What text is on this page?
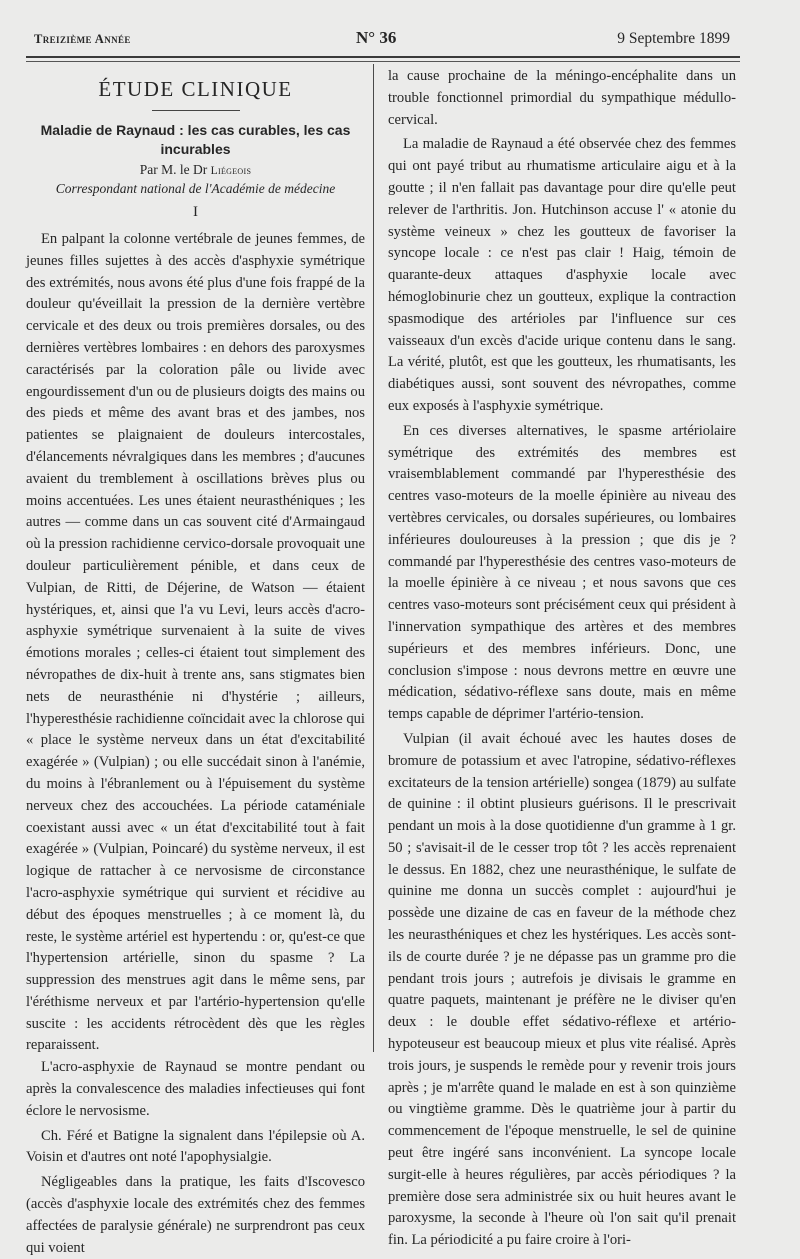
Treizième Année	N° 36	9 Septembre 1899
ÉTUDE CLINIQUE
Maladie de Raynaud : les cas curables, les cas incurables
Par M. le Dr Liégeois
Correspondant national de l'Académie de médecine
I

En palpant la colonne vertébrale de jeunes femmes, de jeunes filles sujettes à des accès d'asphyxie symétrique des extrémités, nous avons été plus d'une fois frappé de la douleur qu'éveillait la pression de la dernière vertèbre cervicale et des deux ou trois premières dorsales, ou des dernières vertèbres lombaires : en dehors des paroxysmes caractérisés par la coloration pâle ou livide avec engourdissement d'un ou de plusieurs doigts des mains ou des pieds et même des avant bras et des jambes, nos patientes se plaignaient de douleurs intercostales, d'élancements névralgiques dans les membres ; d'aucunes avaient du tremblement à oscillations brèves plus ou moins accentuées. Les unes étaient neurasthéniques ; les autres — comme dans un cas souvent cité d'Armaingaud où la pression rachidienne cervico-dorsale provoquait une douleur particulièrement pénible, et dans ceux de Vulpian, de Ritti, de Déjerine, de Watson — étaient hystériques, et, ainsi que l'a vu Levi, leurs accès d'acro-asphyxie symétrique survenaient à la suite de vives émotions morales ; celles-ci étaient tout simplement des névropathes de dix-huit à trente ans, sans stigmates bien nets de neurasthénie ni d'hystérie ; ailleurs, l'hyperesthésie rachidienne coïncidait avec la chlorose qui « place le système nerveux dans un état d'excitabilité exagérée » (Vulpian) ; ou elle succédait sinon à l'anémie, du moins à l'ébranlement ou à l'épuisement du système nerveux chez des accouchées. La période cataméniale coexistant aussi avec « un état d'excitabilité tout à fait exagérée » (Vulpian, Poincaré) du système nerveux, il est logique de rattacher à ce nervosisme de circonstance l'acro-asphyxie symétrique qui survient et récidive au début des époques menstruelles ; à ce moment là, du reste, le système artériel est hypertendu : or, qu'est-ce que l'hypertension artérielle, sinon du spasme ? La suppression des menstrues agit dans le même sens, par l'éréthisme nerveux et par l'artério-hypertension qu'elle suscite : les accidents rétrocèdent dès que les règles reparaissent.

L'acro-asphyxie de Raynaud se montre pendant ou après la convalescence des maladies infectieuses qui font éclore le nervosisme.

Ch. Féré et Batigne la signalent dans l'épilepsie où A. Voisin et d'autres ont noté l'apophysialgie.

Négligeables dans la pratique, les faits d'Iscovesco (accès d'asphyxie locale des extrémités chez des femmes affectées de paralysie générale) ne surprendront pas ceux qui voient

la cause prochaine de la méningo-encéphalite dans un trouble fonctionnel primordial du sympathique médullo-cervical.

La maladie de Raynaud a été observée chez des femmes qui ont payé tribut au rhumatisme articulaire aigu et à la goutte ; il n'en fallait pas davantage pour dire qu'elle peut relever de l'arthritis. Jon. Hutchinson accuse l' « atonie du système veineux » chez les goutteux de favoriser la syncope locale : ce n'est pas clair ! Haig, témoin de quarante-deux attaques d'asphyxie locale avec hémoglobinurie chez un goutteux, explique la contraction spasmodique des artérioles par l'influence sur ces vaisseaux d'un excès d'acide urique contenu dans le sang. La vérité, plutôt, est que les goutteux, les rhumatisants, les diabétiques aussi, sont souvent des névropathes, comme eux exposés à l'asphyxie symétrique.

En ces diverses alternatives, le spasme artériolaire symétrique des extrémités des membres est vraisemblablement commandé par l'hyperesthésie des centres vaso-moteurs de la moelle épinière au niveau des vertèbres cervicales, ou dorsales supérieures, ou lombaires inférieures douloureuses à la pression ; que dis je ? commandé par l'hyperesthésie des centres vaso-moteurs de la moelle épinière à ce niveau ; et nous savons que ces centres vaso-moteurs sont précisément ceux qui président à l'innervation sympathique des artères et des membres supérieurs et des membres inférieurs. Donc, une conclusion s'impose : nous devrons mettre en œuvre une médication, sédativo-réflexe sans doute, mais en même temps capable de déprimer l'artério-tension.

Vulpian (il avait échoué avec les hautes doses de bromure de potassium et avec l'atropine, sédativo-réflexes excitateurs de la tension artérielle) songea (1879) au sulfate de quinine : il obtint plusieurs guérisons. Il le prescrivait pendant un mois à la dose quotidienne d'un gramme à 1 gr. 50 ; s'avisait-il de le cesser trop tôt ? les accès reprenaient le dessus. En 1882, chez une neurasthénique, le sulfate de quinine me donna un succès complet : aujourd'hui je possède une dizaine de cas en faveur de la méthode chez les neurasthéniques et chez les hystériques. Les accès sont-ils de courte durée ? je ne dépasse pas un gramme pro die pendant trois jours ; autrefois je divisais le gramme en quatre paquets, maintenant je préfère ne le diviser qu'en deux : le double effet sédativo-réflexe et artério-hypoteuseur est beaucoup mieux et plus vite réalisé. Après trois jours, je suspends le remède pour y revenir trois jours après ; je m'arrête quand le malade en est à son quinzième ou vingtième gramme. Dès le quatrième jour à partir du commencement de l'époque menstruelle, le sel de quinine peut être ingéré sans inconvénient. La syncope locale surgit-elle à heures régulières, par accès périodiques ? la première dose sera administrée six ou huit heures avant le paroxysme, la seconde à l'heure où l'on sait qu'il prenait fin. La périodicité a pu faire croire à l'ori-
